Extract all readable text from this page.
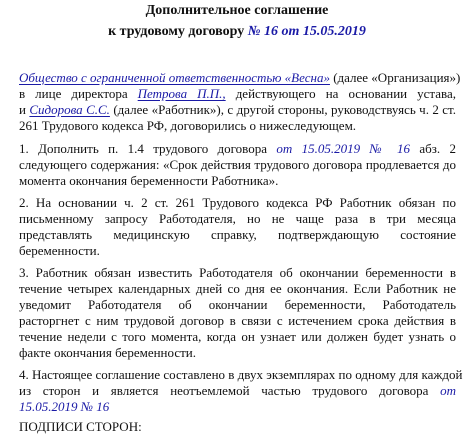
Дополнительное соглашение
к трудовому договору № 16 от 15.05.2019
Общество с ограниченной ответственностью «Весна» (далее «Организация»)
в лице директора Петрова П.П., действующего на основании устава,
и Сидорова С.С. (далее «Работник»), с другой стороны, руководствуясь ч. 2 ст.
261 Трудового кодекса РФ, договорились о нижеследующем.
1. Дополнить п. 1.4 трудового договора от 15.05.2019 № 16 абз. 2
следующего содержания: «Срок действия трудового договора продлевается до
момента окончания беременности Работника».
2. На основании ч. 2 ст. 261 Трудового кодекса РФ Работник обязан по
письменному запросу Работодателя, но не чаще раза в три месяца
представлять медицинскую справку, подтверждающую состояние
беременности.
3. Работник обязан известить Работодателя об окончании беременности в
течение четырех календарных дней со дня ее окончания. Если Работник не
уведомит Работодателя об окончании беременности, Работодатель
расторгнет с ним трудовой договор в связи с истечением срока действия в
течение недели с того момента, когда он узнает или должен будет узнать о
факте окончания беременности.
4. Настоящее соглашение составлено в двух экземплярах по одному для каждой
из сторон и является неотъемлемой частью трудового договора от
15.05.2019 № 16
ПОДПИСИ СТОРОН:
